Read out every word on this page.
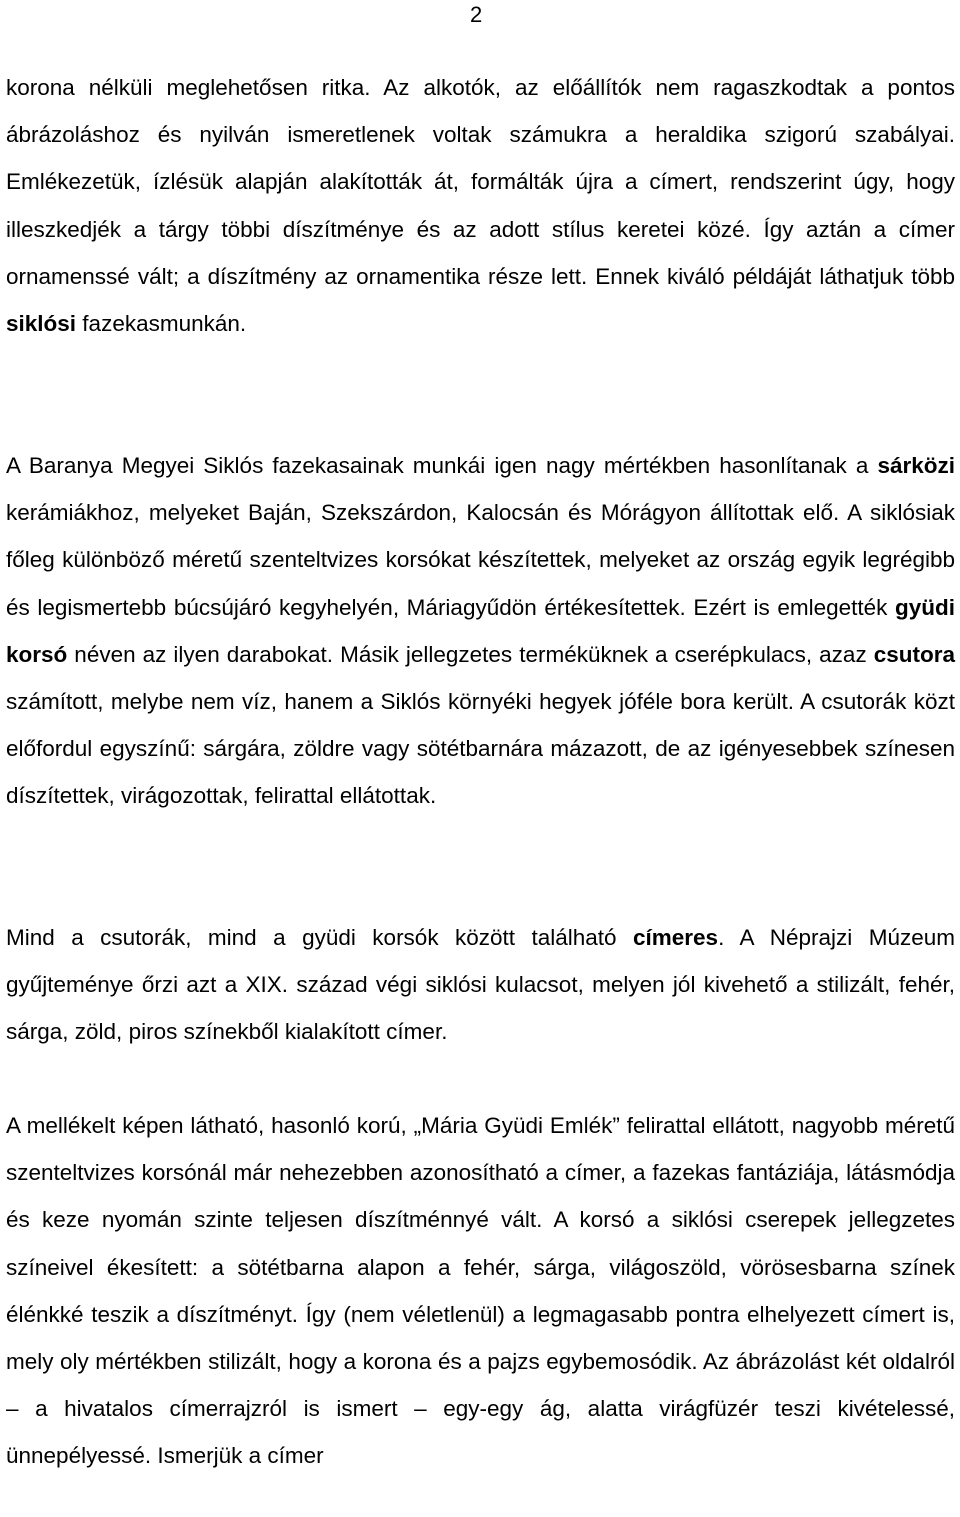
2

korona nélküli meglehetősen ritka. Az alkotók, az előállítók nem ragaszkodtak a pontos ábrázoláshoz és nyilván ismeretlenek voltak számukra a heraldika szigorú szabályai. Emlékezetük, ízlésük alapján alakították át, formálták újra a címert, rendszerint úgy, hogy illeszkedjék a tárgy többi díszítménye és az adott stílus keretei közé. Így aztán a címer ornamenssé vált; a díszítmény az ornamentika része lett. Ennek kiváló példáját láthatjuk több siklósi fazekasmunkán.

A Baranya Megyei Siklós fazekasainak munkái igen nagy mértékben hasonlítanak a sárközi kerámiákhoz, melyeket Baján, Szekszárdon, Kalocsán és Mórágyon állítottak elő. A siklósiak főleg különböző méretű szenteltvizes korsókat készítettek, melyeket az ország egyik legrégibb és legismertebb búcsújáró kegyhelyén, Máriagyűdön értékesítettek. Ezért is emlegették gyüdi korsó néven az ilyen darabokat. Másik jellegzetes terméküknek a cserépkulacs, azaz csutora számított, melybe nem víz, hanem a Siklós környéki hegyek jóféle bora került. A csutorák közt előfordul egyszínű: sárgára, zöldre vagy sötétbarnára mázazott, de az igényesebbek színesen díszítettek, virágozottak, felirattal ellátottak.

Mind a csutorák, mind a gyüdi korsók között található címeres. A Néprajzi Múzeum gyűjteménye őrzi azt a XIX. század végi siklósi kulacsot, melyen jól kivehető a stilizált, fehér, sárga, zöld, piros színekből kialakított címer.

A mellékelt képen látható, hasonló korú, „Mária Gyüdi Emlék” felirattal ellátott, nagyobb méretű szenteltvizes korsónál már nehezebben azonosítható a címer, a fazekas fantáziája, látásmódja és keze nyomán szinte teljesen díszítménnyé vált. A korsó a siklósi cserepek jellegzetes színeivel ékesített: a sötétbarna alapon a fehér, sárga, világoszöld, vörösesbarna színek élénkké teszik a díszítményt. Így (nem véletlenül) a legmagasabb pontra elhelyezett címert is, mely oly mértékben stilizált, hogy a korona és a pajzs egybemosódik. Az ábrázolást két oldalról – a hivatalos címerrajzról is ismert – egy-egy ág, alatta virágfüzér teszi kivételessé, ünnepélyessé. Ismerjük a címer
